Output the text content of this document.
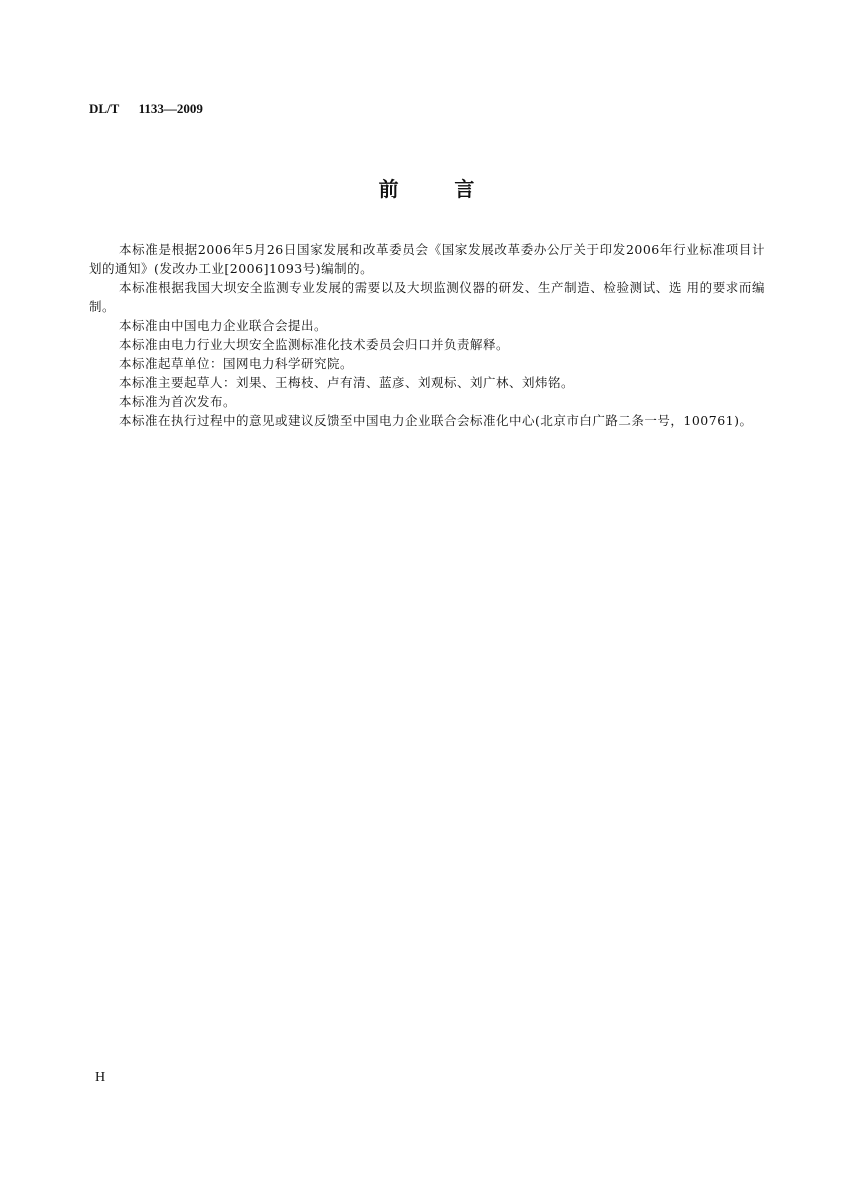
DL/T      1133—2009
前        言

本标准是根据2006年5月26日国家发展和改革委员会《国家发展改革委办公厅关于印发2006年行业标准项目计划的通知》(发改办工业[2006]1093号)编制的。

本标准根据我国大坝安全监测专业发展的需要以及大坝监测仪器的研发、生产制造、检验测试、选 用的要求而编制。

本标准由中国电力企业联合会提出。

本标准由电力行业大坝安全监测标准化技术委员会归口并负责解释。

本标准起草单位：国网电力科学研究院。

本标准主要起草人：刘果、王梅枝、卢有清、蓝彦、刘观标、刘广林、刘炜铭。

本标准为首次发布。

本标准在执行过程中的意见或建议反馈至中国电力企业联合会标准化中心(北京市白广路二条一号，100761)。

H
